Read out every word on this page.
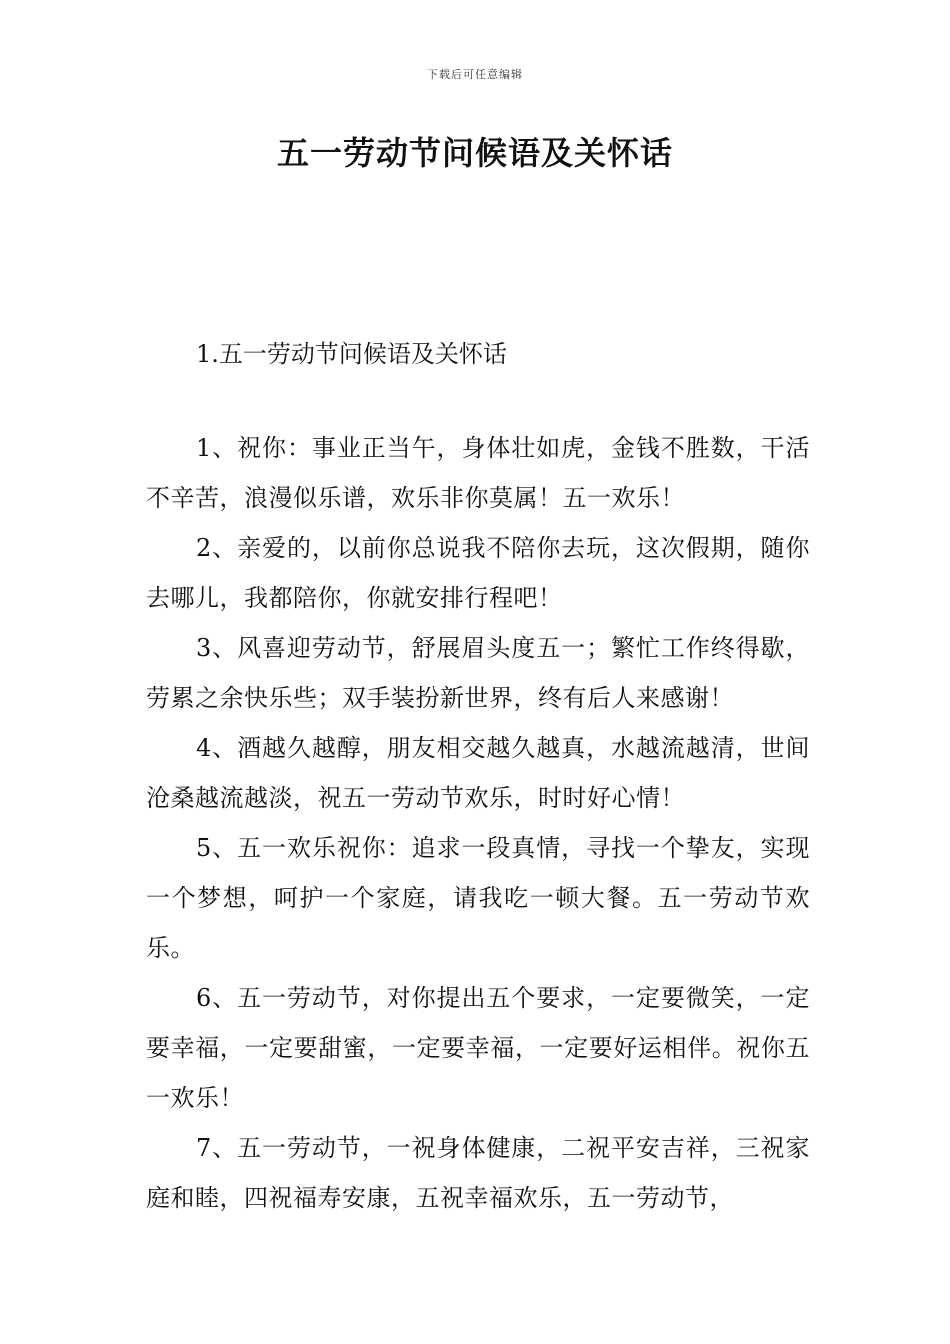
下载后可任意编辑
五一劳动节问候语及关怀话
1.五一劳动节问候语及关怀话

1、祝你：事业正当午，身体壮如虎，金钱不胜数，干活不辛苦，浪漫似乐谱，欢乐非你莫属！五一欢乐！

2、亲爱的，以前你总说我不陪你去玩，这次假期，随你去哪儿，我都陪你，你就安排行程吧！

3、风喜迎劳动节，舒展眉头度五一；繁忙工作终得歇，劳累之余快乐些；双手装扮新世界，终有后人来感谢！

4、酒越久越醇，朋友相交越久越真，水越流越清，世间沧桑越流越淡，祝五一劳动节欢乐，时时好心情！

5、五一欢乐祝你：追求一段真情，寻找一个挚友，实现一个梦想，呵护一个家庭，请我吃一顿大餐。五一劳动节欢乐。

6、五一劳动节，对你提出五个要求，一定要微笑，一定要幸福，一定要甜蜜，一定要幸福，一定要好运相伴。祝你五一欢乐！

7、五一劳动节，一祝身体健康，二祝平安吉祥，三祝家庭和睦，四祝福寿安康，五祝幸福欢乐，五一劳动节，
